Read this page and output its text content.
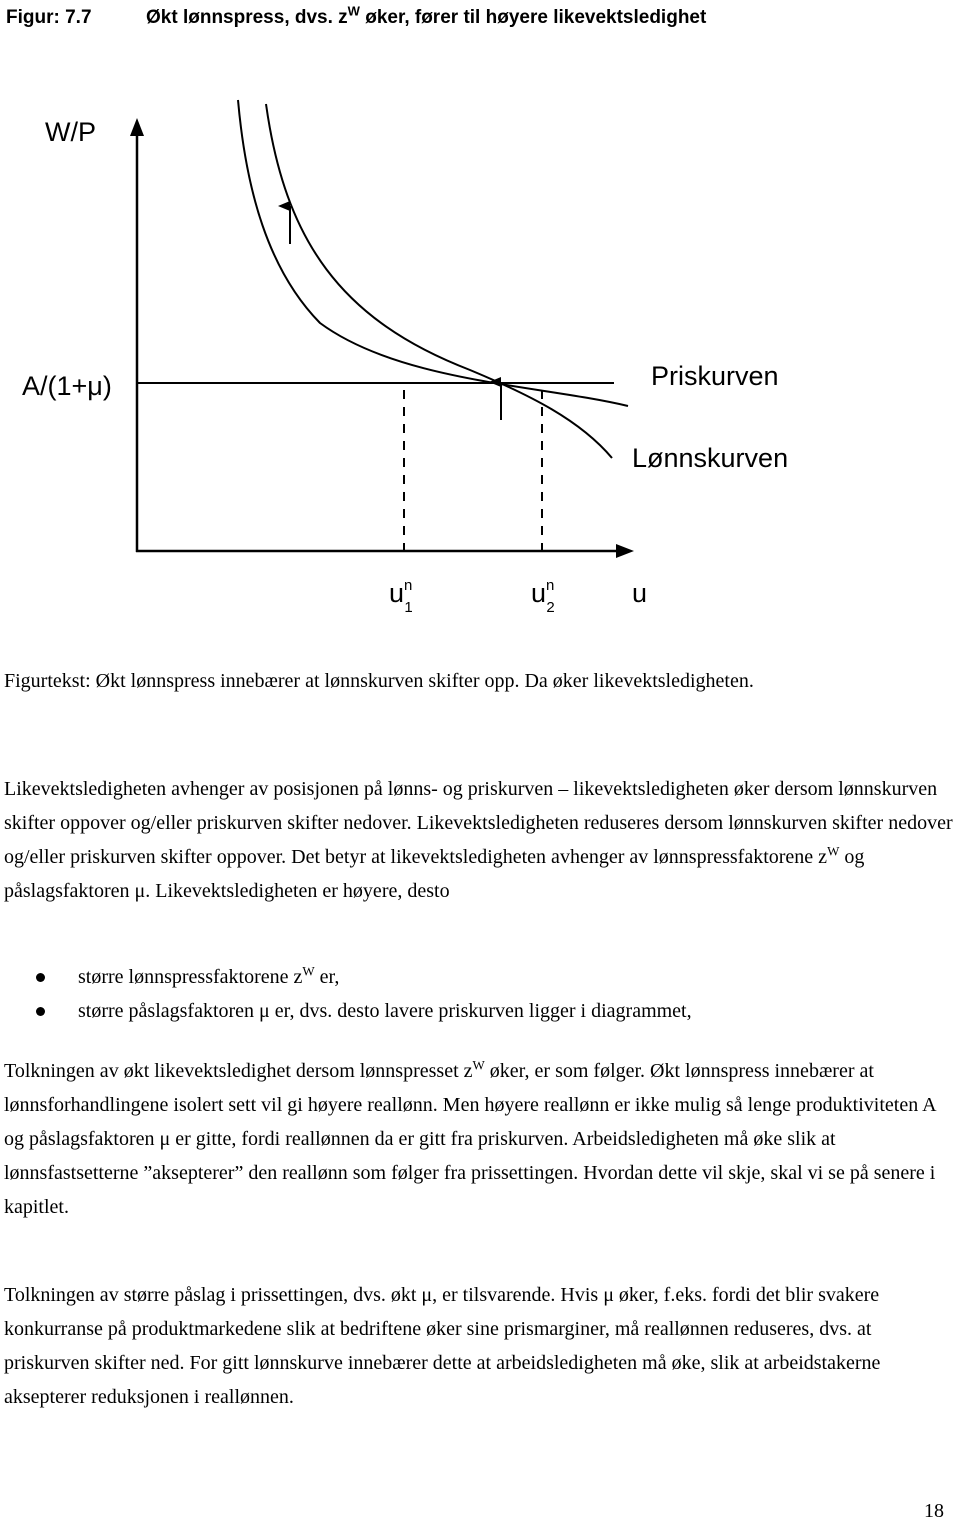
Figur: 7.7	Økt lønnspress, dvs. $z^W$ øker, fører til høyere likevektsledighet
W/P
A/(1+μ)	Priskurven
Lønnskurven
un 1	un 2	u

Figurtekst: Økt lønnspress innebærer at lønnskurven skifter opp. Da øker likevektsledigheten.

Likevektsledigheten avhenger av posisjonen på lønns- og priskurven – likevektsledigheten øker dersom lønnskurven skifter oppover og/eller priskurven skifter nedover. Likevektsledigheten reduseres dersom lønnskurven skifter nedover og/eller priskurven skifter oppover. Det betyr at likevektsledigheten avhenger av lønnspressfaktorene $z^W$ og påslagsfaktoren μ. Likevektsledigheten er høyere, desto

større lønnspressfaktorene $z^W$ er,
større påslagsfaktoren μ er, dvs. desto lavere priskurven ligger i diagrammet,

Tolkningen av økt likevektsledighet dersom lønnspresset $z^W$ øker, er som følger. Økt lønnspress innebærer at lønnsforhandlingene isolert sett vil gi høyere reallønn. Men høyere reallønn er ikke mulig så lenge produktiviteten A og påslagsfaktoren μ er gitte, fordi reallønnen da er gitt fra priskurven. Arbeidsledigheten må øke slik at lønnsfastsetterne ”aksepterer” den reallønn som følger fra prissettingen. Hvordan dette vil skje, skal vi se på senere i kapitlet.

Tolkningen av større påslag i prissettingen, dvs. økt μ, er tilsvarende. Hvis μ øker, f.eks. fordi det blir svakere konkurranse på produktmarkedene slik at bedriftene øker sine prismarginer, må reallønnen reduseres, dvs. at priskurven skifter ned. For gitt lønnskurve innebærer dette at arbeidsledigheten må øke, slik at arbeidstakerne aksepterer reduksjonen i reallønnen.

18
